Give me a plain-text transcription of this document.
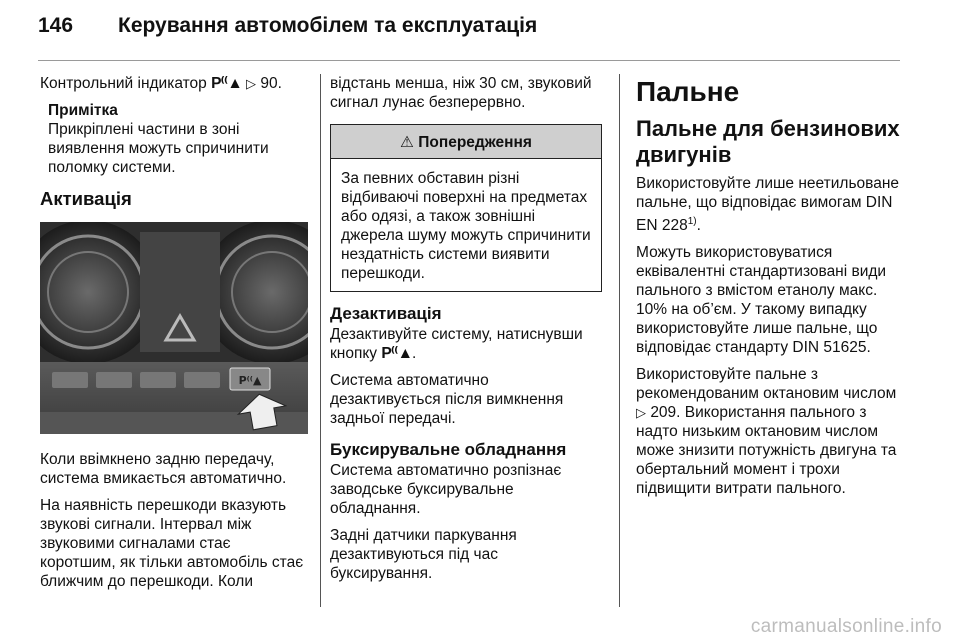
146	Керування автомобілем та експлуатація

Контрольний індикатор P⁽⁽▲ ▷ 90.

Примітка
Прикріплені частини в зоні виявлення можуть спричинити поломку системи.
Активація
P⁽⁽▲

Коли ввімкнено задню передачу, система вмикається автоматично.

На наявність перешкоди вказують звукові сигнали. Інтервал між звуковими сигналами стає коротшим, як тільки автомобіль стає ближчим до перешкоди. Коли

відстань менша, ніж 30 см, звуковий сигнал лунає безперервно.

⚠ Попередження
За певних обставин різні відбиваючі поверхні на предметах або одязі, а також зовнішні джерела шуму можуть спричинити нездатність системи виявити перешкоди.
Дезактивація

Дезактивуйте систему, натиснувши кнопку P⁽⁽▲.

Система автоматично дезактивується після вимкнення задньої передачі.

Буксирувальне обладнання

Система автоматично розпізнає заводське буксирувальне обладнання.

Задні датчики паркування дезактивуються під час буксирування.

Пальне
Пальне для бензинових двигунів

Використовуйте лише неетильоване пальне, що відповідає вимогам DIN EN 228$^{1)}$.

Можуть використовуватися еквівалентні стандартизовані види пального з вмістом етанолу макс. 10% на об’єм. У такому випадку використовуйте лише пальне, що відповідає стандарту DIN 51625.

Використовуйте пальне з рекомендованим октановим числом ▷ 209. Використання пального з надто низьким октановим числом може знизити потужність двигуна та обертальний момент і трохи підвищити витрати пального.

carmanualsonline.info
